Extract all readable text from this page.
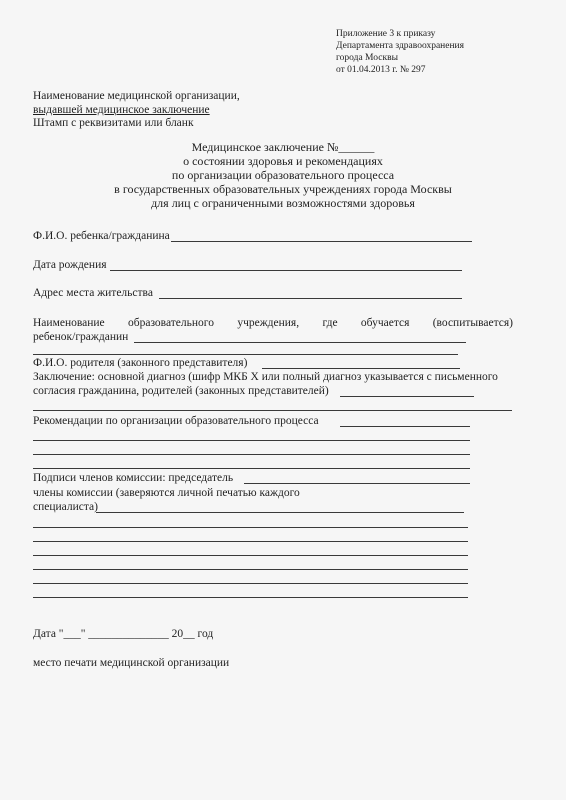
Приложение 3 к приказу
Департамента здравоохранения
города Москвы
от 01.04.2013 г. № 297
Наименование медицинской организации,
выдавшей медицинское заключение
Штамп с реквизитами или бланк
Медицинское заключение №______
о состоянии здоровья и рекомендациях
по организации образовательного процесса
в государственных образовательных учреждениях города Москвы
для лиц с ограниченными возможностями здоровья
Ф.И.О. ребенка/гражданина
Дата рождения
Адрес места жительства
Наименование образовательного учреждения, где обучается (воспитывается)
ребенок/гражданин
Ф.И.О. родителя (законного представителя)
Заключение: основной диагноз (шифр МКБ X или полный диагноз указывается с письменного
согласия гражданина, родителей (законных представителей)
Рекомендации по организации образовательного процесса
Подписи членов комиссии: председатель
члены комиссии (заверяются личной печатью каждого
специалиста)
Дата "___" ______________ 20__ год
место печати медицинской организации
